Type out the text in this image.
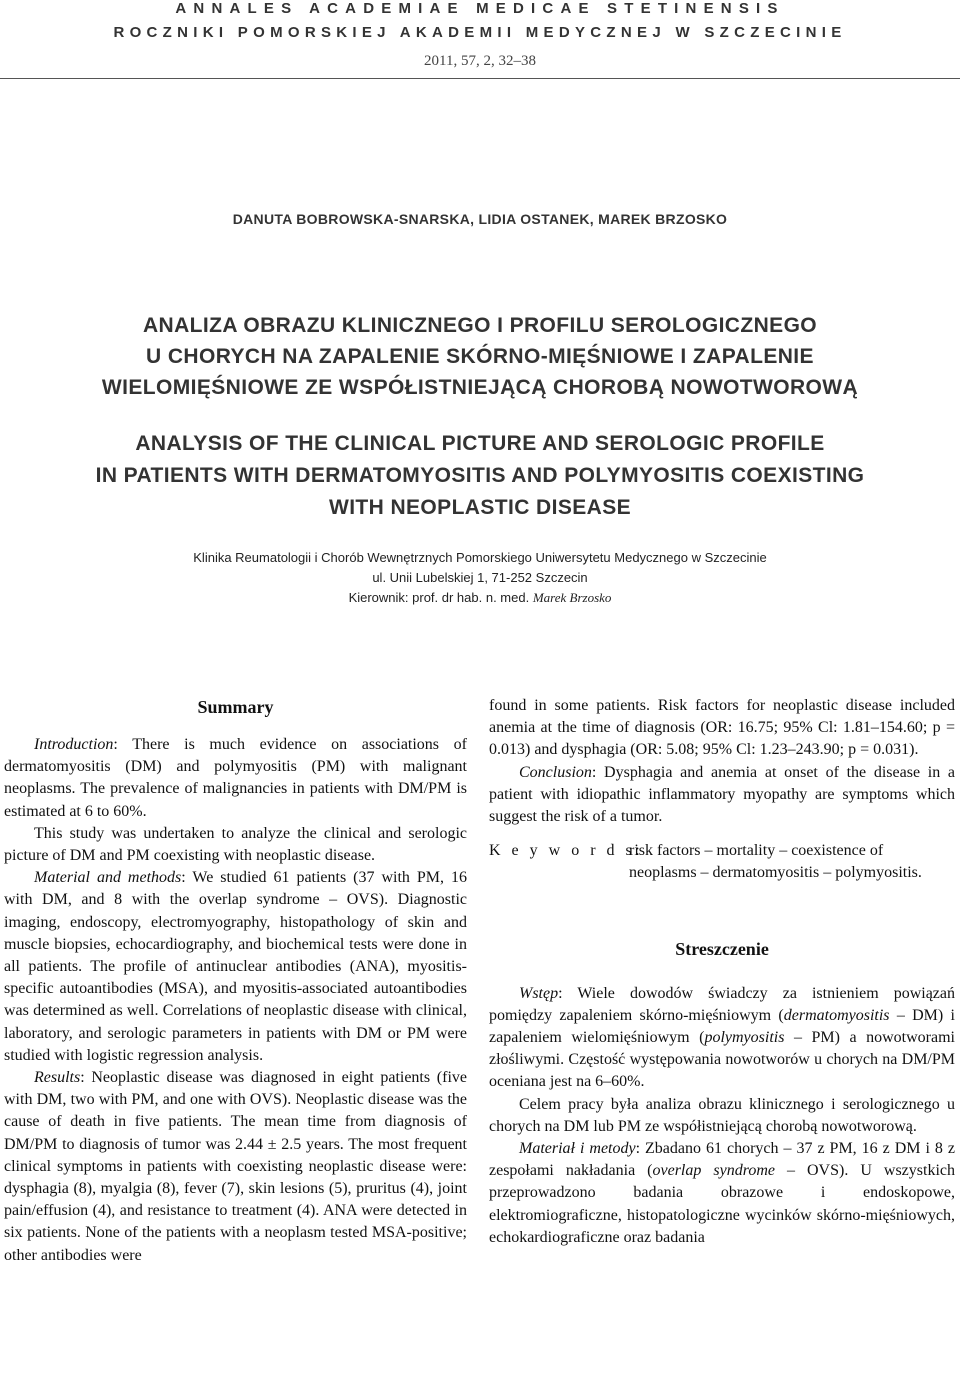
ANNALES ACADEMIAE MEDICAE STETINENSIS
ROCZNIKI POMORSKIEJ AKADEMII MEDYCZNEJ W SZCZECINIE
2011, 57, 2, 32–38
DANUTA BOBROWSKA-SNARSKA, LIDIA OSTANEK, MAREK BRZOSKO
ANALIZA OBRAZU KLINICZNEGO I PROFILU SEROLOGICZNEGO
U CHORYCH NA ZAPALENIE SKÓRNO-MIĘŚNIOWE I ZAPALENIE
WIELOMIĘŚNIOWE ZE WSPÓŁISTNIEJĄCĄ CHOROBĄ NOWOTWOROWĄ
ANALYSIS OF THE CLINICAL PICTURE AND SEROLOGIC PROFILE
IN PATIENTS WITH DERMATOMYOSITIS AND POLYMYOSITIS COEXISTING
WITH NEOPLASTIC DISEASE
Klinika Reumatologii i Chorób Wewnętrznych Pomorskiego Uniwersytetu Medycznego w Szczecinie
ul. Unii Lubelskiej 1, 71-252 Szczecin
Kierownik: prof. dr hab. n. med. Marek Brzosko
Summary

Introduction: There is much evidence on associations of dermatomyositis (DM) and polymyositis (PM) with malignant neoplasms. The prevalence of malignancies in patients with DM/PM is estimated at 6 to 60%.

This study was undertaken to analyze the clinical and serologic picture of DM and PM coexisting with neoplastic disease.

Material and methods: We studied 61 patients (37 with PM, 16 with DM, and 8 with the overlap syndrome – OVS). Diagnostic imaging, endoscopy, electromyography, histopathology of skin and muscle biopsies, echocardiography, and biochemical tests were done in all patients. The profile of antinuclear antibodies (ANA), myositis-specific autoantibodies (MSA), and myositis-associated autoantibodies was determined as well. Correlations of neoplastic disease with clinical, laboratory, and serologic parameters in patients with DM or PM were studied with logistic regression analysis.

Results: Neoplastic disease was diagnosed in eight patients (five with DM, two with PM, and one with OVS). Neoplastic disease was the cause of death in five patients. The mean time from diagnosis of DM/PM to diagnosis of tumor was 2.44 ± 2.5 years. The most frequent clinical symptoms in patients with coexisting neoplastic disease were: dysphagia (8), myalgia (8), fever (7), skin lesions (5), pruritus (4), joint pain/effusion (4), and resistance to treatment (4). ANA were detected in six patients. None of the patients with a neoplasm tested MSA-positive; other antibodies were

found in some patients. Risk factors for neoplastic disease included anemia at the time of diagnosis (OR: 16.75; 95% Cl: 1.81–154.60; p = 0.013) and dysphagia (OR: 5.08; 95% Cl: 1.23–243.90; p = 0.031).

Conclusion: Dysphagia and anemia at onset of the disease in a patient with idiopathic inflammatory myopathy are symptoms which suggest the risk of a tumor.

K e y w o r d s:
risk factors – mortality – coexistence of
neoplasms – dermatomyositis – polymyositis.
Streszczenie

Wstęp: Wiele dowodów świadczy za istnieniem powiązań pomiędzy zapaleniem skórno-mięśniowym (dermatomyositis – DM) i zapaleniem wielomięśniowym (polymyositis – PM) a nowotworami złośliwymi. Częstość występowania nowotworów u chorych na DM/PM oceniana jest na 6–60%.

Celem pracy była analiza obrazu klinicznego i serologicznego u chorych na DM lub PM ze współistniejącą chorobą nowotworową.

Materiał i metody: Zbadano 61 chorych – 37 z PM, 16 z DM i 8 z zespołami nakładania (overlap syndrome – OVS). U wszystkich przeprowadzono badania obrazowe i endoskopowe, elektromiograficzne, histopatologiczne wycinków skórno-mięśniowych, echokardiograficzne oraz badania
